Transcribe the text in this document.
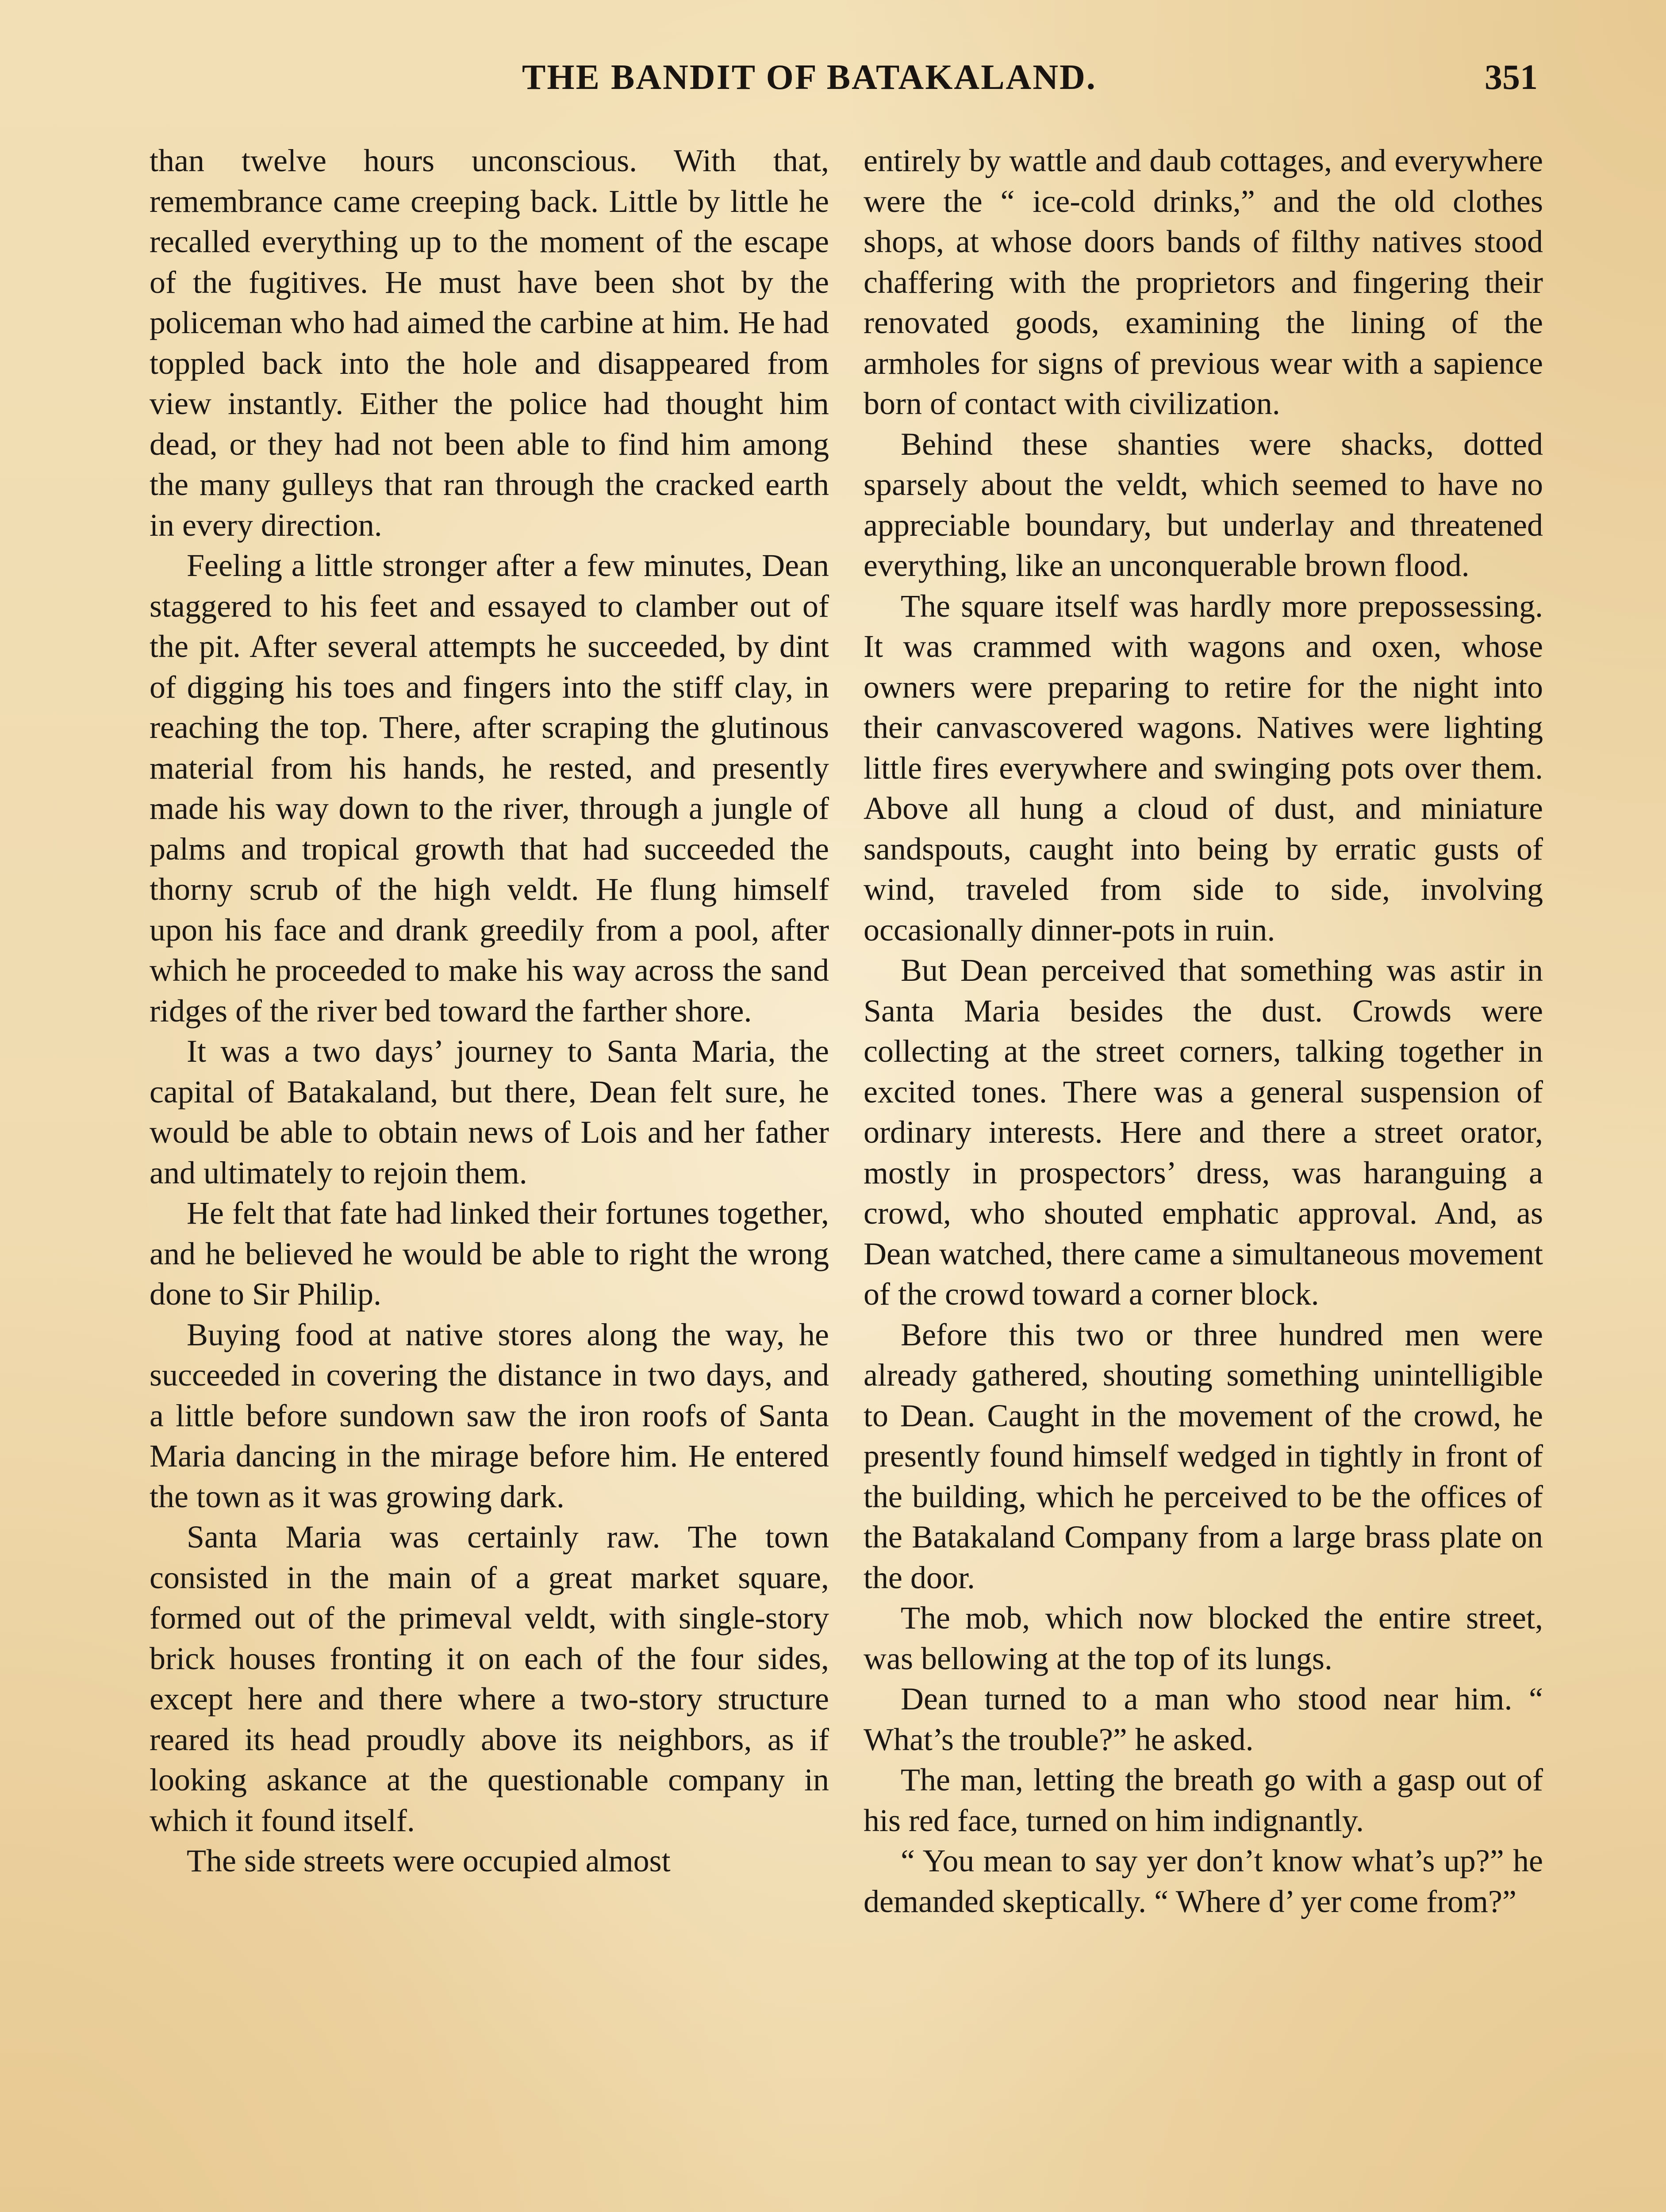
THE BANDIT OF BATAKALAND.	351

than twelve hours unconscious. With that, remembrance came creeping back. Little by little he recalled everything up to the moment of the escape of the fugitives. He must have been shot by the policeman who had aimed the carbine at him. He had toppled back into the hole and disappeared from view instantly. Either the police had thought him dead, or they had not been able to find him among the many gulleys that ran through the cracked earth in every direction.

Feeling a little stronger after a few minutes, Dean staggered to his feet and essayed to clamber out of the pit. After several attempts he succeeded, by dint of digging his toes and fingers into the stiff clay, in reaching the top. There, after scraping the glutinous material from his hands, he rested, and presently made his way down to the river, through a jungle of palms and tropical growth that had succeeded the thorny scrub of the high veldt. He flung himself upon his face and drank greedily from a pool, after which he proceeded to make his way across the sand ridges of the river bed toward the farther shore.

It was a two days’ journey to Santa Maria, the capital of Batakaland, but there, Dean felt sure, he would be able to obtain news of Lois and her father and ultimately to rejoin them.

He felt that fate had linked their fortunes together, and he believed he would be able to right the wrong done to Sir Philip.

Buying food at native stores along the way, he succeeded in covering the distance in two days, and a little before sundown saw the iron roofs of Santa Maria dancing in the mirage before him. He entered the town as it was growing dark.

Santa Maria was certainly raw. The town consisted in the main of a great market square, formed out of the primeval veldt, with single-story brick houses fronting it on each of the four sides, except here and there where a two-story structure reared its head proudly above its neighbors, as if looking askance at the questionable company in which it found itself.

The side streets were occupied almost

entirely by wattle and daub cottages, and everywhere were the “ ice-cold drinks,” and the old clothes shops, at whose doors bands of filthy natives stood chaffering with the proprietors and fingering their renovated goods, examining the lining of the armholes for signs of previous wear with a sapience born of contact with civilization.

Behind these shanties were shacks, dotted sparsely about the veldt, which seemed to have no appreciable boundary, but underlay and threatened everything, like an unconquerable brown flood.

The square itself was hardly more prepossessing. It was crammed with wagons and oxen, whose owners were preparing to retire for the night into their canvascovered wagons. Natives were lighting little fires everywhere and swinging pots over them. Above all hung a cloud of dust, and miniature sandspouts, caught into being by erratic gusts of wind, traveled from side to side, involving occasionally dinner-pots in ruin.

But Dean perceived that something was astir in Santa Maria besides the dust. Crowds were collecting at the street corners, talking together in excited tones. There was a general suspension of ordinary interests. Here and there a street orator, mostly in prospectors’ dress, was haranguing a crowd, who shouted emphatic approval. And, as Dean watched, there came a simultaneous movement of the crowd toward a corner block.

Before this two or three hundred men were already gathered, shouting something unintelligible to Dean. Caught in the movement of the crowd, he presently found himself wedged in tightly in front of the building, which he perceived to be the offices of the Batakaland Company from a large brass plate on the door.

The mob, which now blocked the entire street, was bellowing at the top of its lungs.

Dean turned to a man who stood near him. “ What’s the trouble?” he asked.

The man, letting the breath go with a gasp out of his red face, turned on him indignantly.

“ You mean to say yer don’t know what’s up?” he demanded skeptically. “ Where d’ yer come from?”
